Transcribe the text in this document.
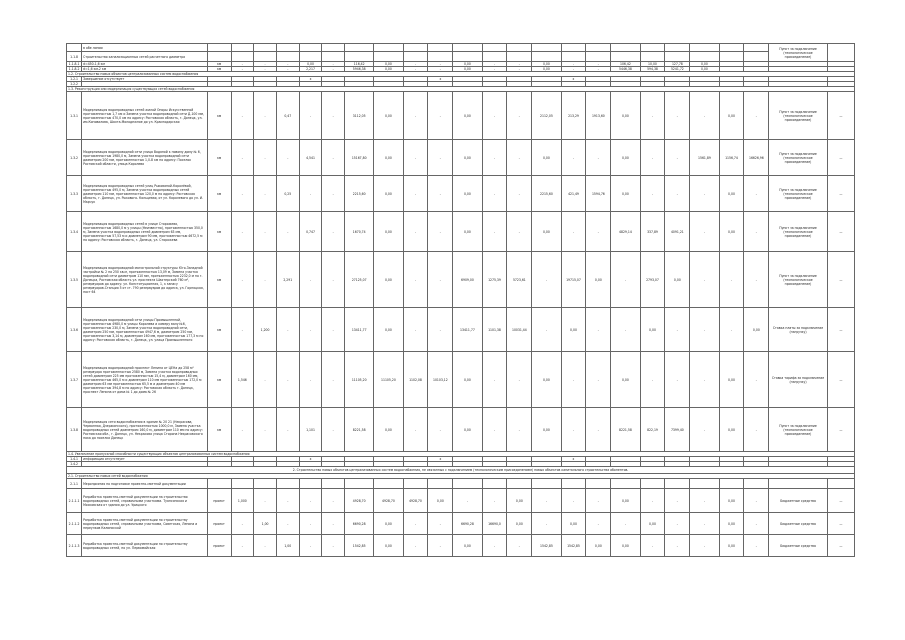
	в обе линии																							Пункт за подключение (технологическое присоединение)	
1.1.8	Строительство канализационных сетей расчетного диаметра																								
1.1.8.1	d=450-1,6 км	км	-	-	-	0,00	-	116,42	0,00	-	-	0,00	-	-	0,00	-	-	106,42	10,00	127,78	0,00				
1.1.8.2	d=1,6 км-2 км	км	-	-	-	2,217	-	5946,38	0,00	-	-	0,00	-	-	0,00	-	-	5446,38	594,38	5241,72	0,00				
1.2. Строительство новых объектов централизованных систем водоснабжения																									
1.2.1	Завершение отсутствует					x					x					x									
1.2.2																									
1.3. Реконструкция или модернизация существующих сетей водоснабжения																									
1.3.1	Модернизация водопроводных сетей жилой Опоры Искусственной протяженностью 1,7 км и Замена участка водопроводной сети Д-100 мм, протяженностью 470,0 км по адресу: Ростовская область, г. Донецк, ул. им.Коновалова, Шахта-Молодежное до ул. Краснодарская	км	-	-	0,47	-	-	3112,05	0,00	-	-	0,00	-	-	2112,05	213,29	1913,60	0,00	-	-	-	0,00	-	Пункт за подключение (технологическое присоединение)	—
1.3.2	Модернизация водопроводной сети улица Водяной к новому дому № 6, протяженностью 1980,0 м, Замена участка водопроводной сети диаметром 200 мм, протяженностью 1,0-8 км по адресу: Поселок Ростовской области, улица Королева	км	-	-	-	4,541	-	15167,80	0,00	-	-	0,00	-	-	0,00	-	-	0,00	-	-	1561,89	1156,74	16626,96	Пункт за подключение (технологическое присоединение)	—
1.3.3	Модернизация водопроводных сетей улиц Рыкованой-Королёвой, протяженностью 495,0 м, Замена участка водопроводных сетей диаметром 110 мм, протяженностью 120,0 м по адресу: Ростовская область, г. Донецк, ул. Рыкового- Кольцевая, от ул. Королевого до ул. И. Марчук	км	-	-	0,25	-	-	2215,60	0,00	-	-	0,00	-	-	2215,60	421,49	1594,76	0,00	-	-	-	0,00	-	Пункт за подключение (технологическое присоединение)	—
1.3.4	Модернизация водопроводных сетей в улице Сторожева, протяженностью 1680,0 м у улицы (Неизвестно), протяженностью 350,0 м, Замена участка водопроводных сетей диаметром 63 мм, протяженностью 57,53 м и диаметром 90 мм, протяженностью 4672,5 м по адресу: Ростовская область, г. Донецк, ул. Сторожева	км	-	-	-	0,747	-	1670,74	0,00	-	-	0,00	-	-	0,00	-	-	4829,14	337,89	4091,21	-	0,00	-	Пункт за подключение (технологическое присоединение)	—
1.3.5	Модернизация водопроводной магистральной структуры Юго-Западной застройки № 2 на 250 кв.м, протяженностью 13,09 м, Замена участка водопроводной сети диаметром 110 мм, протяженностью 2232,0 м по г. Донецка, Ростовская область ул. проспекта Шахтерский 760 м², резервуаров до адресу: ул. Конституционная, 1, к запасу резервуаров.Станция 5 от ст. 790 резервуаров до адреса, ул. Горняцкая, пост 64	км	-	-	2,291	-	-	27125,07	0,00	-	-	6909,00	1275,39	5723,61	-	19715,07	0,00	-	2793,07	0,00	-	-	-	Пункт за подключение (технологическое присоединение)	—
1.3.6	Модернизация водопроводной сети улицы Промышленной, протяженностью 4980,0 м улицы Королева и камеру валу №6, протяженностью 230,0 м, Замена участка водопроводной сети, диаметром 250 мм, протяженностью 4947,6 м, диаметром 250 мм, протяженностью 3,14 м, диаметром 160 мм, протяженностью 177,3 м по адресу: Ростовская область, г. Донецк, ул. улица Промышленного	км	-	1,200	-	-	-	13411,77	0,00	-	-	13411,77	1101,38	10031,44	-	0,00	-	-	0,00	-	-	-	0,00	Ставка платы за подключение (нагрузку)	—
1.3.7	Модернизация водопроводной проспект Ленина от ЦЕНа до 258 м² резервуара протяженностью 2580 м, Замена участка водопроводных сетей диаметром 225 мм протяженностью 15,4 м, диаметром 160 мм, протяженностью 465,0 м и диаметром 110 мм протяженностью 172,0 м диаметром 63 мм протяженностью 65,5 м и диаметром 40 мм протяженностью 394,8 м по адресу: Ростовская область г. Донецк, проспект Ленина от дома № 1 до дома № 26	км	1,546	-	-	-	-	11105,20	11105,20	1102,08	10103,12	0,00	-	-	0,00	-	-	0,00	-	-	-	0,00	-	Ставка тарифа за подключение (нагрузку)	—
1.3.8	Модернизация сети водоснабжения в здание № 20 21 (Некрасова, Червонная, Дзержинского), протяженностью 1000,0 м, Замена участка водопроводных сетей диаметром 160,0 м, диаметром 110 мм по адресу: Ростовская обл., г. Донецк, ул. Некрасова улица Сторона Некрасовского пока до поселка Донецк	км	-	-	-	1,101	-	8221,58	0,00	-	-	0,00	-	-	0,00	-	-	8221,58	822,19	7399,40	-	0,00	-	Пункт за подключение (технологическое присоединение)	—
1.4. Увеличение пропускной способности существующих объектов централизованных систем водоснабжения																									
1.4.1	информация отсутствует					x					x					x									
1.4.2																									
2. Строительство новых объектов централизованных систем водоснабжения, не связанных с подключением (технологическим присоединением) новых объектов капитального строительства абонентов.																									
2.1. Строительство новых сетей водоснабжения																									
2.1.1	Мероприятия по подготовке проектно-сметной документации																								
2.1.1.1	Разработка проектно-сметной документации на строительство водопроводных сетей, справочными участками. Туапсинская и Московская от здания до ул. Урицкого	проект	1,000	-	-	-	-	4928,70	4928,70	4928,70	0,00	-	-	0,00	-	-	-	0,00	-	-	-	0,00	-	Бюджетные средства	—
2.1.1.2	Разработка проектно-сметной документации по строительству водопроводных сетей, справочными участками, Советская, Ленина и переулков Калиниской	проект	-	1,00	-	-	-	6690,28	0,00	-	-	6690,28	16690,0	0,00	-	0,00	-	-	0,00	-	-	0,00	-	Бюджетные средства	—
2.1.1.3	Разработка проектно-сметной документации по строительству водопроводных сетей, по ул. Первомайская	проект	-	-	1,00	-	-	1542,85	0,00	-	-	0,00	-	-	1542,85	1542,85	0,00	0,00	-	-	-	0,00	-	Бюджетные средства	—
